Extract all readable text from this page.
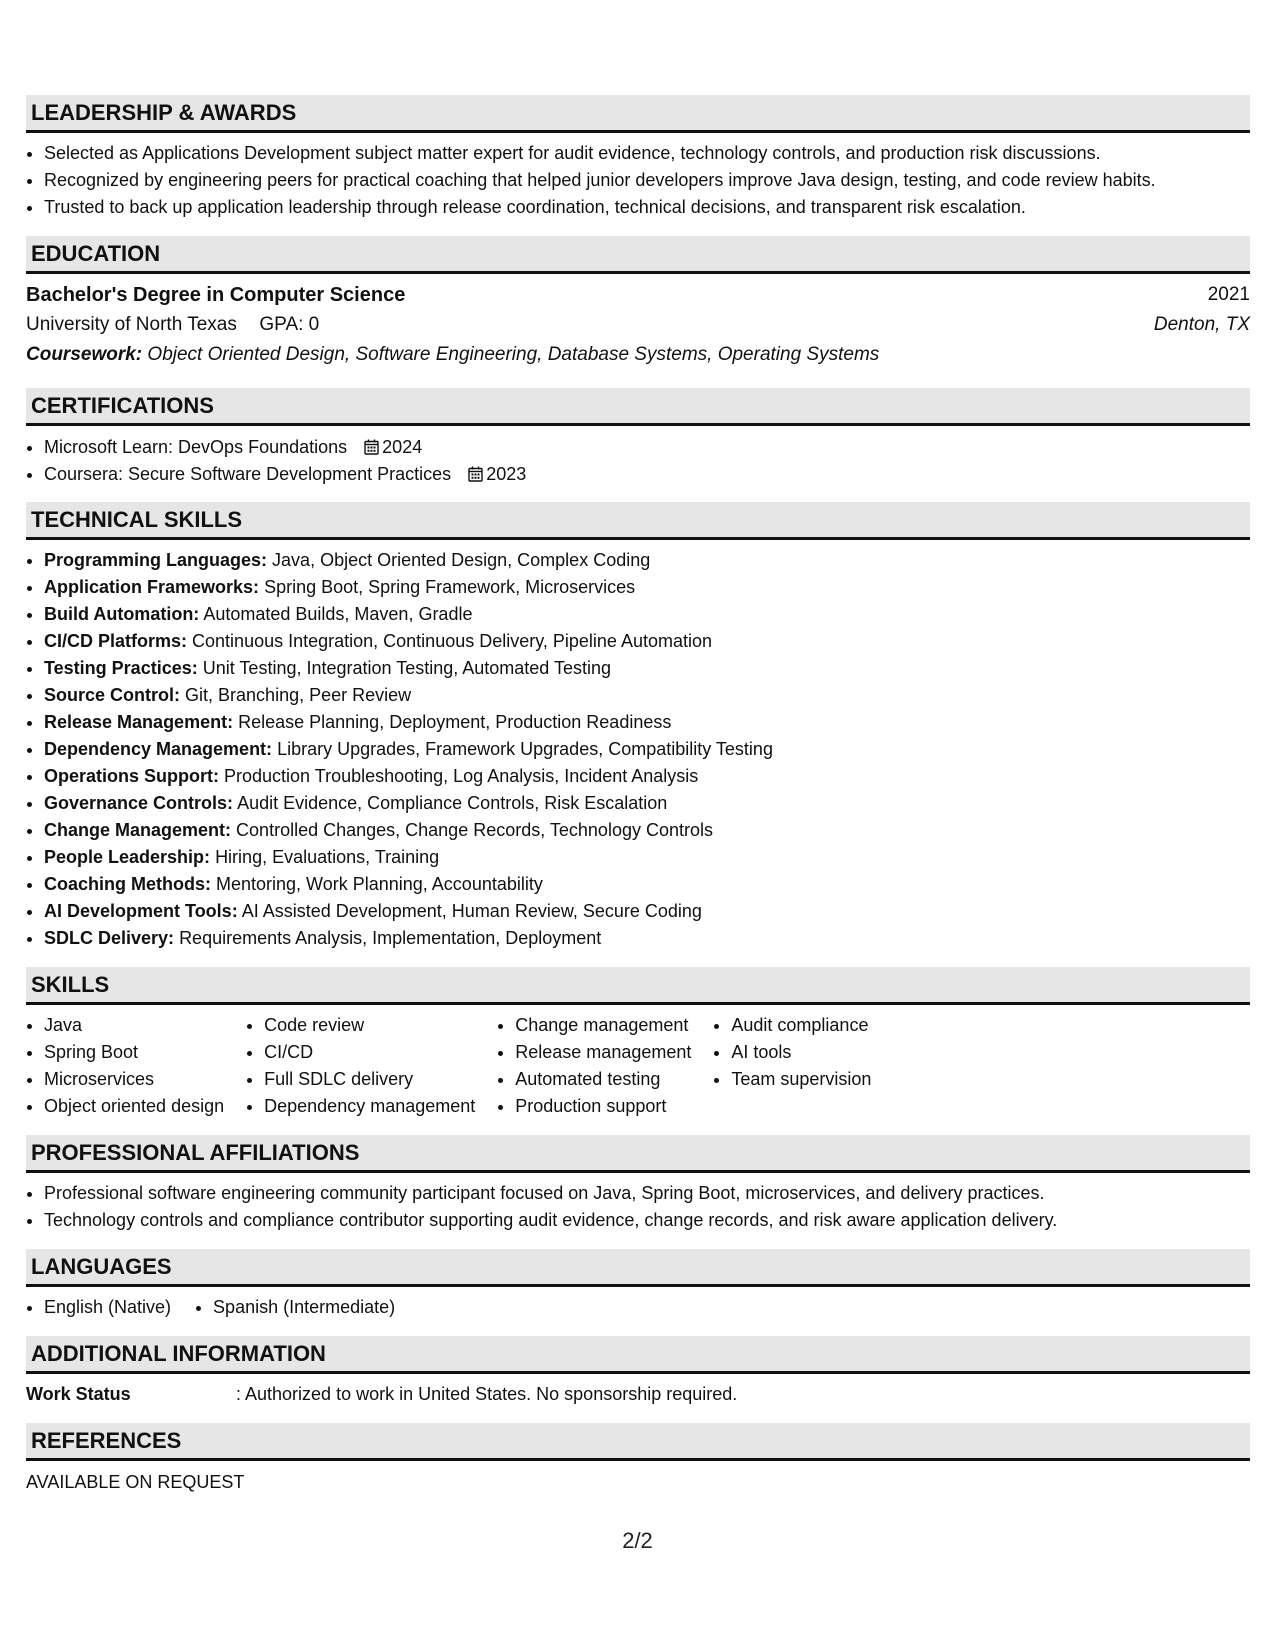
LEADERSHIP & AWARDS
• Selected as Applications Development subject matter expert for audit evidence, technology controls, and production risk discussions.
• Recognized by engineering peers for practical coaching that helped junior developers improve Java design, testing, and code review habits.
• Trusted to back up application leadership through release coordination, technical decisions, and transparent risk escalation.
EDUCATION
Bachelor's Degree in Computer Science	2021
University of North Texas GPA: 0	Denton, TX
Coursework: Object Oriented Design, Software Engineering, Database Systems, Operating Systems
CERTIFICATIONS
• Microsoft Learn: DevOps Foundations 2024
• Coursera: Secure Software Development Practices 2023
TECHNICAL SKILLS
• Programming Languages: Java, Object Oriented Design, Complex Coding
• Application Frameworks: Spring Boot, Spring Framework, Microservices
• Build Automation: Automated Builds, Maven, Gradle
• CI/CD Platforms: Continuous Integration, Continuous Delivery, Pipeline Automation
• Testing Practices: Unit Testing, Integration Testing, Automated Testing
• Source Control: Git, Branching, Peer Review
• Release Management: Release Planning, Deployment, Production Readiness
• Dependency Management: Library Upgrades, Framework Upgrades, Compatibility Testing
• Operations Support: Production Troubleshooting, Log Analysis, Incident Analysis
• Governance Controls: Audit Evidence, Compliance Controls, Risk Escalation
• Change Management: Controlled Changes, Change Records, Technology Controls
• People Leadership: Hiring, Evaluations, Training
• Coaching Methods: Mentoring, Work Planning, Accountability
• AI Development Tools: AI Assisted Development, Human Review, Secure Coding
• SDLC Delivery: Requirements Analysis, Implementation, Deployment
SKILLS
• Java
• Spring Boot
• Microservices
• Object oriented design
• Code review
• CI/CD
• Full SDLC delivery
• Dependency management
• Change management
• Release management
• Automated testing
• Production support
• Audit compliance
• AI tools
• Team supervision
PROFESSIONAL AFFILIATIONS
• Professional software engineering community participant focused on Java, Spring Boot, microservices, and delivery practices.
• Technology controls and compliance contributor supporting audit evidence, change records, and risk aware application delivery.
LANGUAGES
• English (Native)
• Spanish (Intermediate)
ADDITIONAL INFORMATION
Work Status	: Authorized to work in United States. No sponsorship required.
REFERENCES
AVAILABLE ON REQUEST
2/2
